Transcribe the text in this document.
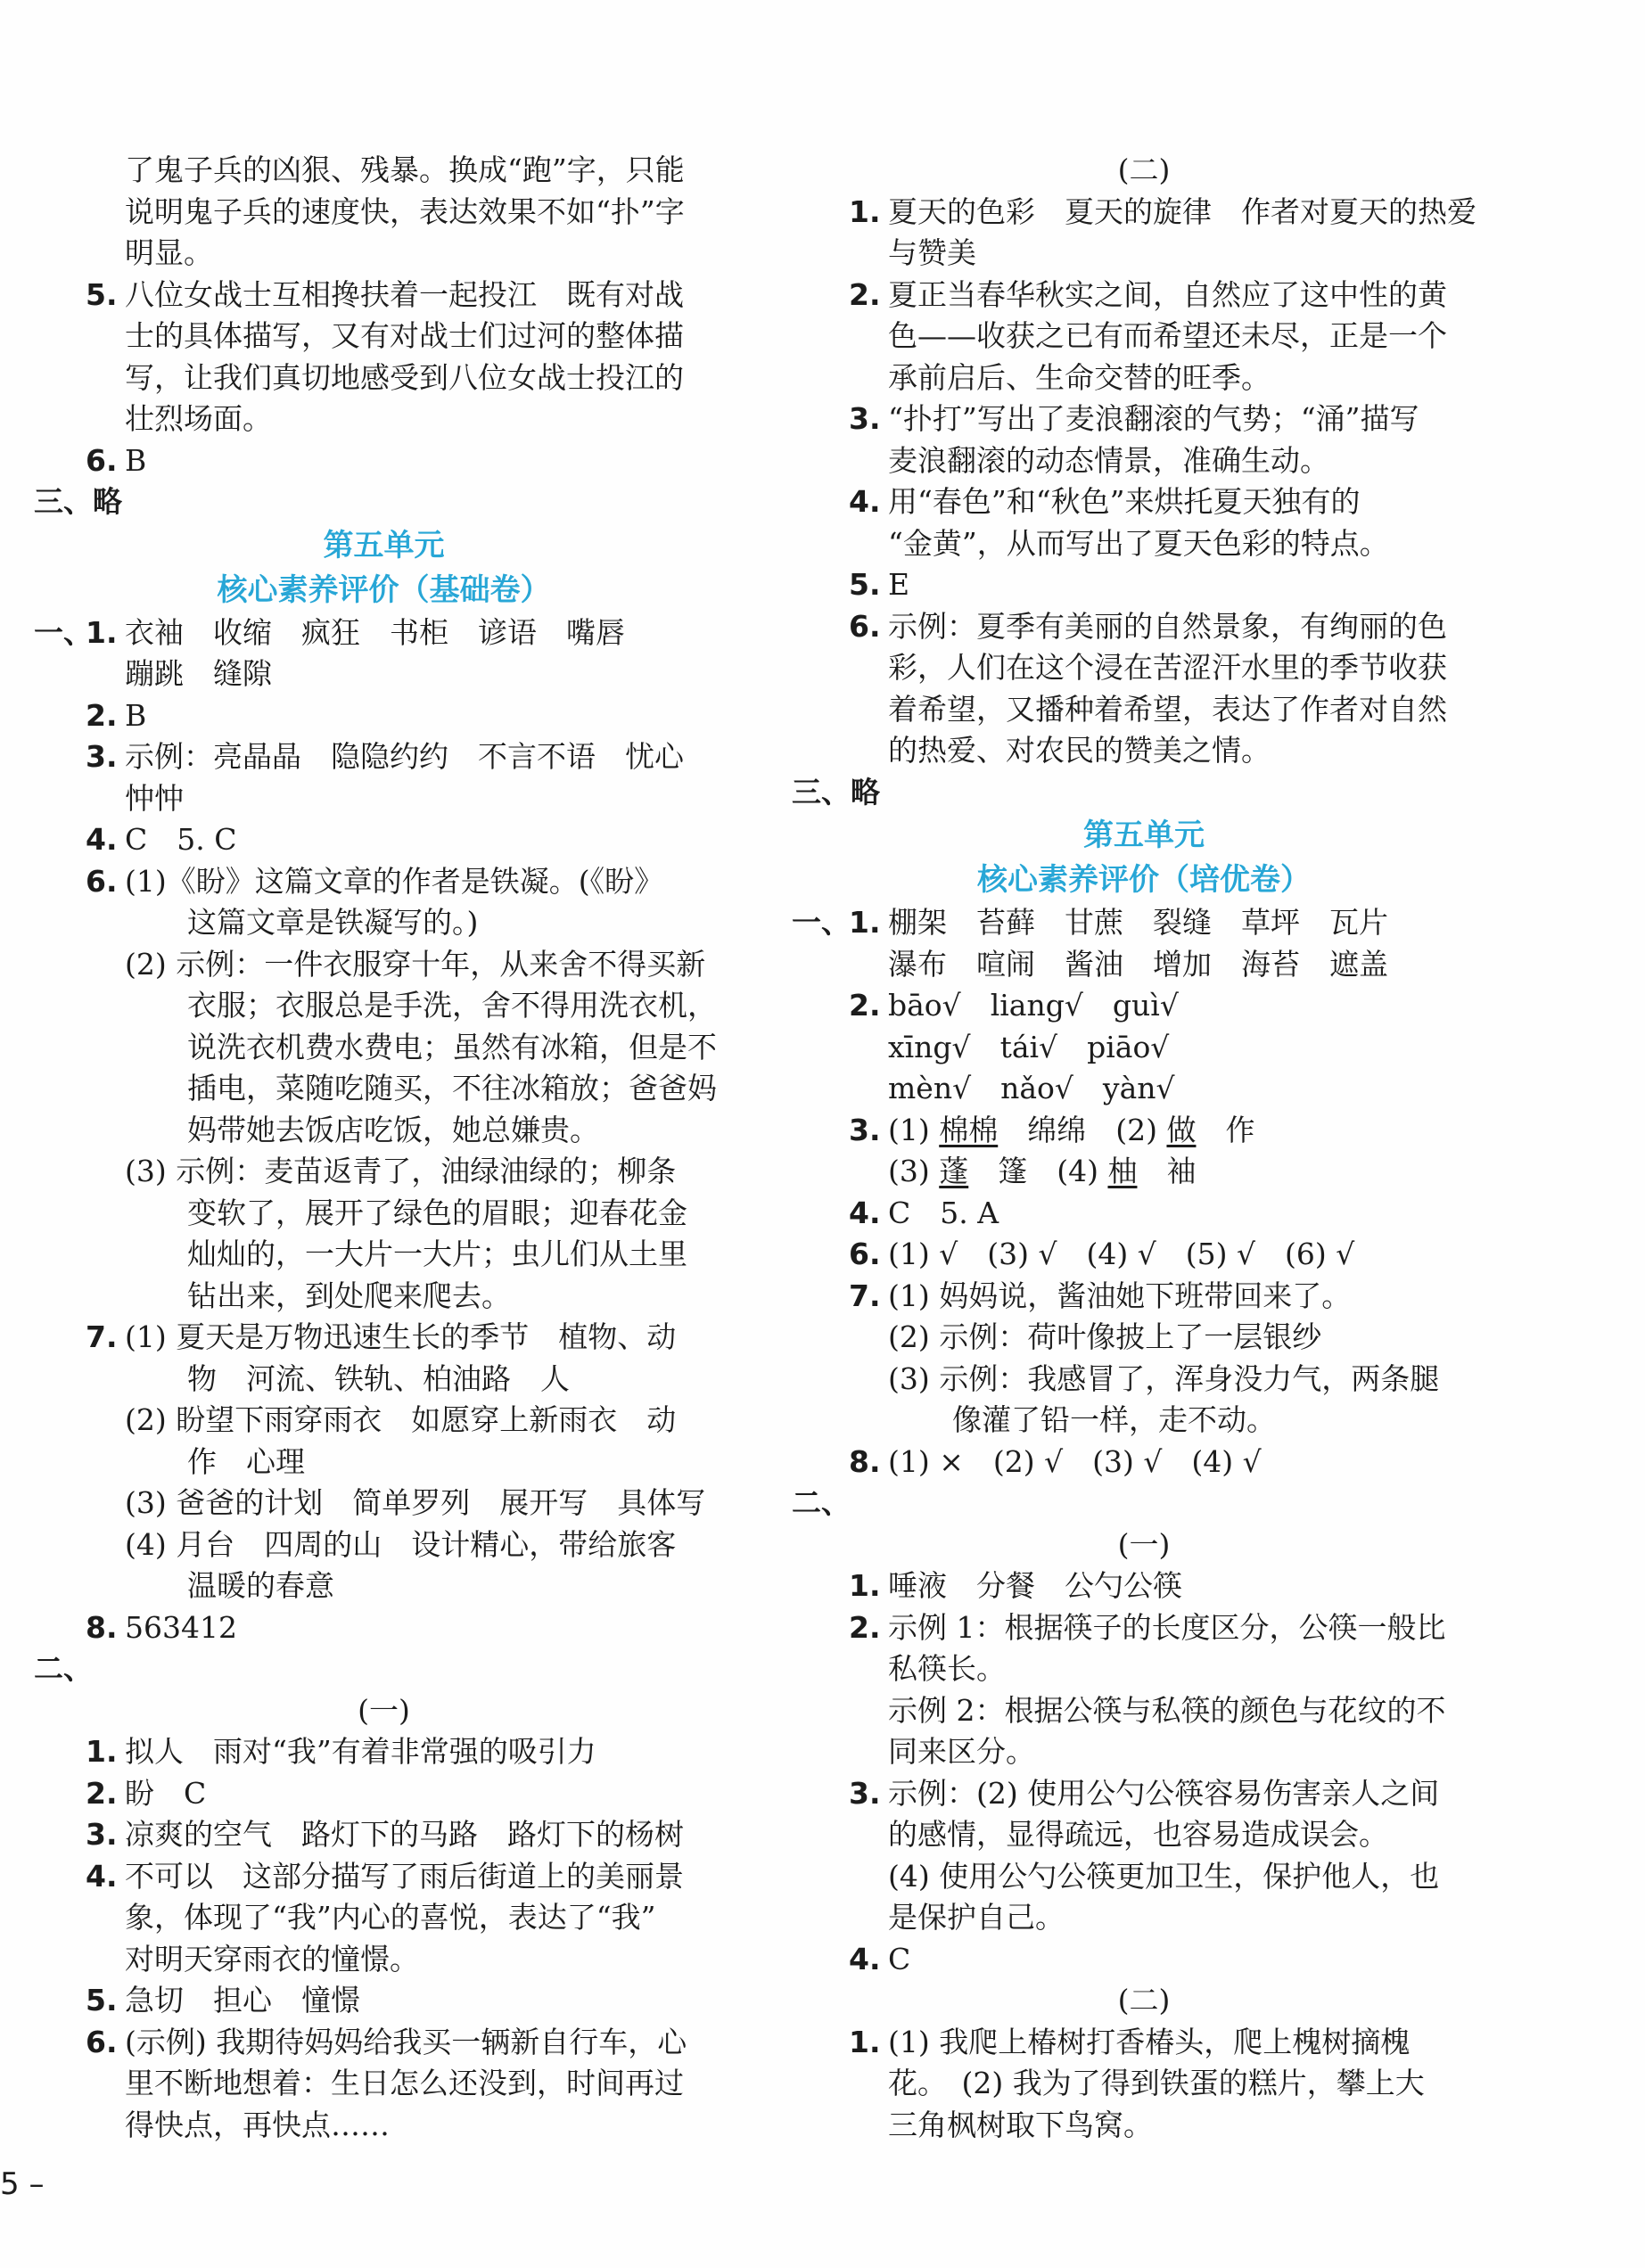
了鬼子兵的凶狠、残暴。换成“跑”字，只能
说明鬼子兵的速度快，表达效果不如“扑”字
明显。
5. 八位女战士互相搀扶着一起投江　既有对战
士的具体描写，又有对战士们过河的整体描
写，让我们真切地感受到八位女战士投江的
壮烈场面。
6. B
三、略
第五单元
核心素养评价（基础卷）
一、
1. 衣袖　收缩　疯狂　书柜　谚语　嘴唇
蹦跳　缝隙
2. B
3. 示例：亮晶晶　隐隐约约　不言不语　忧心
忡忡
4. C　5. C
6. (1)《盼》这篇文章的作者是铁凝。(《盼》
这篇文章是铁凝写的。)
(2) 示例：一件衣服穿十年，从来舍不得买新
衣服；衣服总是手洗，舍不得用洗衣机，
说洗衣机费水费电；虽然有冰箱，但是不
插电，菜随吃随买，不往冰箱放；爸爸妈
妈带她去饭店吃饭，她总嫌贵。
(3) 示例：麦苗返青了，油绿油绿的；柳条
变软了，展开了绿色的眉眼；迎春花金
灿灿的，一大片一大片；虫儿们从土里
钻出来，到处爬来爬去。
7. (1) 夏天是万物迅速生长的季节　植物、动
物　河流、铁轨、柏油路　人
(2) 盼望下雨穿雨衣　如愿穿上新雨衣　动
作　心理
(3) 爸爸的计划　简单罗列　展开写　具体写
(4) 月台　四周的山　设计精心，带给旅客
温暖的春意
8. 563412
二、
(一)
1. 拟人　雨对“我”有着非常强的吸引力
2. 盼　C
3. 凉爽的空气　路灯下的马路　路灯下的杨树
4. 不可以　这部分描写了雨后街道上的美丽景
象，体现了“我”内心的喜悦，表达了“我”
对明天穿雨衣的憧憬。
5. 急切　担心　憧憬
6. (示例) 我期待妈妈给我买一辆新自行车，心
里不断地想着：生日怎么还没到，时间再过
得快点，再快点……
(二)
1. 夏天的色彩　夏天的旋律　作者对夏天的热爱
与赞美
2. 夏正当春华秋实之间，自然应了这中性的黄
色——收获之已有而希望还未尽，正是一个
承前启后、生命交替的旺季。
3. “扑打”写出了麦浪翻滚的气势；“涌”描写
麦浪翻滚的动态情景，准确生动。
4. 用“春色”和“秋色”来烘托夏天独有的
“金黄”，从而写出了夏天色彩的特点。
5. E
6. 示例：夏季有美丽的自然景象，有绚丽的色
彩，人们在这个浸在苦涩汗水里的季节收获
着希望，又播种着希望，表达了作者对自然
的热爱、对农民的赞美之情。
三、略
第五单元
核心素养评价（培优卷）
一、
1. 棚架　苔藓　甘蔗　裂缝　草坪　瓦片
瀑布　喧闹　酱油　增加　海苔　遮盖
2. bāo√　liang√　guì√
xīng√　tái√　piāo√
mèn√　nǎo√　yàn√
3. (1) 棉棉　绵绵　(2) 做　作
(3) 蓬　篷　(4) 柚　袖
4. C　5. A
6. (1) √　(3) √　(4) √　(5) √　(6) √
7. (1) 妈妈说，酱油她下班带回来了。
(2) 示例：荷叶像披上了一层银纱
(3) 示例：我感冒了，浑身没力气，两条腿
像灌了铅一样，走不动。
8. (1) ×　(2) √　(3) √　(4) √
二、
(一)
1. 唾液　分餐　公勺公筷
2. 示例 1：根据筷子的长度区分，公筷一般比
私筷长。
示例 2：根据公筷与私筷的颜色与花纹的不
同来区分。
3. 示例：(2) 使用公勺公筷容易伤害亲人之间
的感情，显得疏远，也容易造成误会。
(4) 使用公勺公筷更加卫生，保护他人，也
是保护自己。
4. C
(二)
1. (1) 我爬上椿树打香椿头，爬上槐树摘槐
花。　(2) 我为了得到铁蛋的糕片，攀上大
三角枫树取下鸟窝。
5 –
